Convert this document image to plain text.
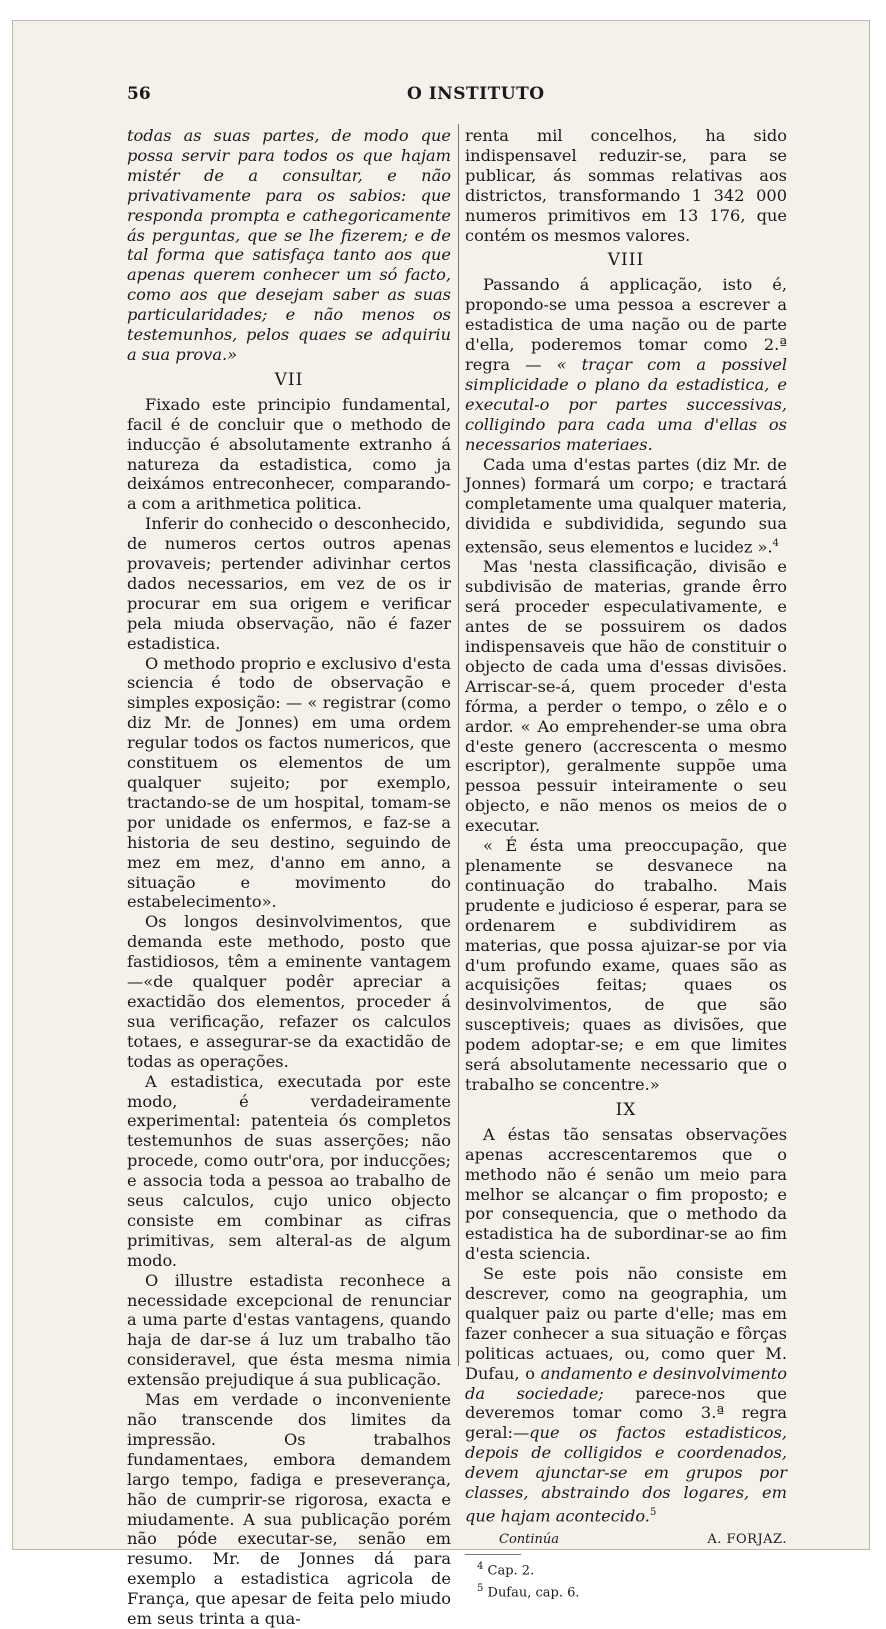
56	O INSTITUTO

todas as suas partes, de modo que possa servir para todos os que hajam mistér de a consultar, e não privativamente para os sabios: que responda prompta e cathegoricamente ás perguntas, que se lhe fizerem; e de tal forma que satisfaça tanto aos que apenas querem conhecer um só facto, como aos que desejam saber as suas particularidades; e não menos os testemunhos, pelos quaes se adquiriu a sua prova.»

VII

Fixado este principio fundamental, facil é de concluir que o methodo de inducção é absolutamente extranho á natureza da estadistica, como ja deixámos entreconhecer, comparando-a com a arithmetica politica.

Inferir do conhecido o desconhecido, de numeros certos outros apenas provaveis; pertender adivinhar certos dados necessarios, em vez de os ir procurar em sua origem e verificar pela miuda observação, não é fazer estadistica.

O methodo proprio e exclusivo d'esta sciencia é todo de observação e simples exposição: — « registrar (como diz Mr. de Jonnes) em uma ordem regular todos os factos numericos, que constituem os elementos de um qualquer sujeito; por exemplo, tractando-se de um hospital, tomam-se por unidade os enfermos, e faz-se a historia de seu destino, seguindo de mez em mez, d'anno em anno, a situação e movimento do estabelecimento».

Os longos desinvolvimentos, que demanda este methodo, posto que fastidiosos, têm a eminente vantagem—«de qualquer podêr apreciar a exactidão dos elementos, proceder á sua verificação, refazer os calculos totaes, e assegurar-se da exactidão de todas as operações.

A estadistica, executada por este modo, é verdadeiramente experimental: patenteia ós completos testemunhos de suas asserções; não procede, como outr'ora, por inducções; e associa toda a pessoa ao trabalho de seus calculos, cujo unico objecto consiste em combinar as cifras primitivas, sem alteral-as de algum modo.

O illustre estadista reconhece a necessidade excepcional de renunciar a uma parte d'estas vantagens, quando haja de dar-se á luz um trabalho tão consideravel, que ésta mesma nimia extensão prejudique á sua publicação.

Mas em verdade o inconveniente não transcende dos limites da impressão. Os trabalhos fundamentaes, embora demandem largo tempo, fadiga e preseverança, hão de cumprir-se rigorosa, exacta e miudamente. A sua publicação porém não póde executar-se, senão em resumo. Mr. de Jonnes dá para exemplo a estadistica agricola de França, que apesar de feita pelo miudo em seus trinta a qua-

renta mil concelhos, ha sido indispensavel reduzir-se, para se publicar, ás sommas relativas aos districtos, transformando 1 342 000 numeros primitivos em 13 176, que contém os mesmos valores.

VIII

Passando á applicação, isto é, propondo-se uma pessoa a escrever a estadistica de uma nação ou de parte d'ella, poderemos tomar como 2.ª regra — « traçar com a possivel simplicidade o plano da estadistica, e executal-o por partes successivas, colligindo para cada uma d'ellas os necessarios materiaes.

Cada uma d'estas partes (diz Mr. de Jonnes) formará um corpo; e tractará completamente uma qualquer materia, dividida e subdividida, segundo sua extensão, seus elementos e lucidez ».$^4$

Mas 'nesta classificação, divisão e subdivisão de materias, grande êrro será proceder especulativamente, e antes de se possuirem os dados indispensaveis que hão de constituir o objecto de cada uma d'essas divisões. Arriscar-se-á, quem proceder d'esta fórma, a perder o tempo, o zêlo e o ardor. « Ao emprehender-se uma obra d'este genero (accrescenta o mesmo escriptor), geralmente suppõe uma pessoa pessuir inteiramente o seu objecto, e não menos os meios de o executar.

« É ésta uma preoccupação, que plenamente se desvanece na continuação do trabalho. Mais prudente e judicioso é esperar, para se ordenarem e subdividirem as materias, que possa ajuizar-se por via d'um profundo exame, quaes são as acquisições feitas; quaes os desinvolvimentos, de que são susceptiveis; quaes as divisões, que podem adoptar-se; e em que limites será absolutamente necessario que o trabalho se concentre.»

IX

A éstas tão sensatas observações apenas accrescentaremos que o methodo não é senão um meio para melhor se alcançar o fim proposto; e por consequencia, que o methodo da estadistica ha de subordinar-se ao fim d'esta sciencia.

Se este pois não consiste em descrever, como na geographia, um qualquer paiz ou parte d'elle; mas em fazer conhecer a sua situação e fôrças politicas actuaes, ou, como quer M. Dufau, o andamento e desinvolvimento da sociedade; parece-nos que deveremos tomar como 3.ª regra geral:—que os factos estadisticos, depois de colligidos e coordenados, devem ajunctar-se em grupos por classes, abstraindo dos logares, em que hajam acontecido.$^5$

Continúa	A. FORJAZ.

$^4$ Cap. 2.

$^5$ Dufau, cap. 6.
